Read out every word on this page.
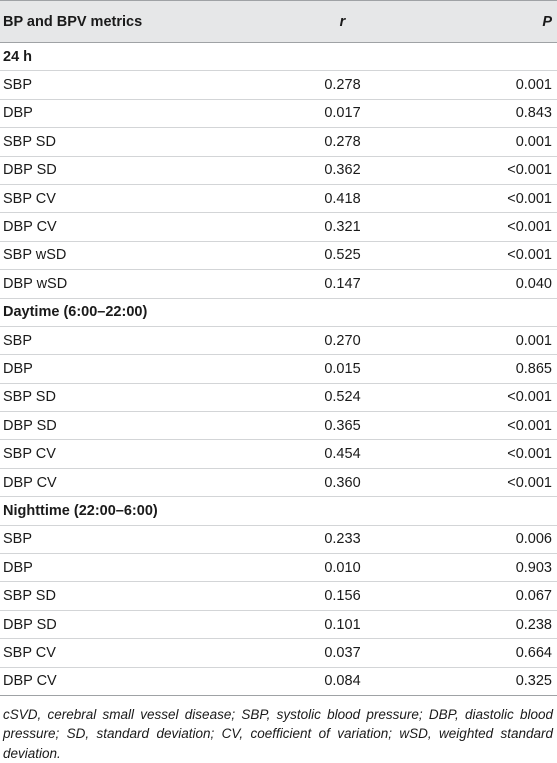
BP and BPV metrics	r	P
24 h		
SBP	0.278	0.001
DBP	0.017	0.843
SBP SD	0.278	0.001
DBP SD	0.362	<0.001
SBP CV	0.418	<0.001
DBP CV	0.321	<0.001
SBP wSD	0.525	<0.001
DBP wSD	0.147	0.040
Daytime (6:00–22:00)		
SBP	0.270	0.001
DBP	0.015	0.865
SBP SD	0.524	<0.001
DBP SD	0.365	<0.001
SBP CV	0.454	<0.001
DBP CV	0.360	<0.001
Nighttime (22:00–6:00)		
SBP	0.233	0.006
DBP	0.010	0.903
SBP SD	0.156	0.067
DBP SD	0.101	0.238
SBP CV	0.037	0.664
DBP CV	0.084	0.325
cSVD, cerebral small vessel disease; SBP, systolic blood pressure; DBP, diastolic blood pressure; SD, standard deviation; CV, coefficient of variation; wSD, weighted standard deviation.
